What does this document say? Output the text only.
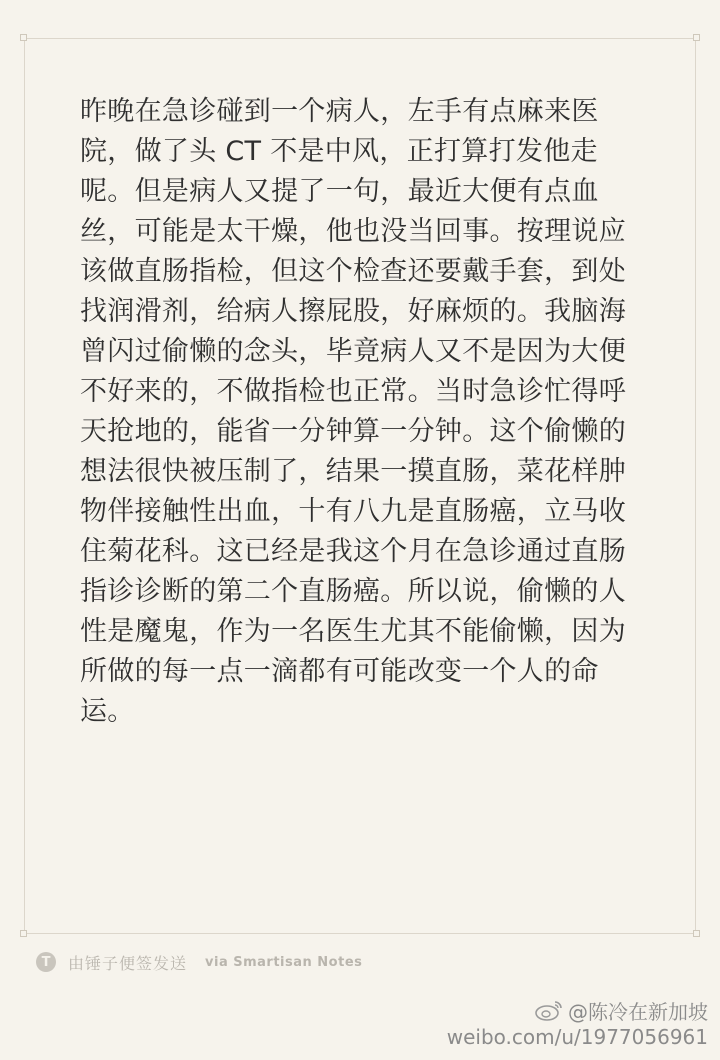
昨晚在急诊碰到一个病人，左手有点麻来医院，做了头 CT 不是中风，正打算打发他走呢。但是病人又提了一句，最近大便有点血丝，可能是太干燥，他也没当回事。按理说应该做直肠指检，但这个检查还要戴手套，到处找润滑剂，给病人擦屁股，好麻烦的。我脑海曾闪过偷懒的念头，毕竟病人又不是因为大便不好来的，不做指检也正常。当时急诊忙得呼天抢地的，能省一分钟算一分钟。这个偷懒的想法很快被压制了，结果一摸直肠，菜花样肿物伴接触性出血，十有八九是直肠癌，立马收住菊花科。这已经是我这个月在急诊通过直肠指诊诊断的第二个直肠癌。所以说，偷懒的人性是魔鬼，作为一名医生尤其不能偷懒，因为所做的每一点一滴都有可能改变一个人的命运。

T	由锤子便签发送 via Smartisan Notes
@陈冷在新加坡
weibo.com/u/1977056961
